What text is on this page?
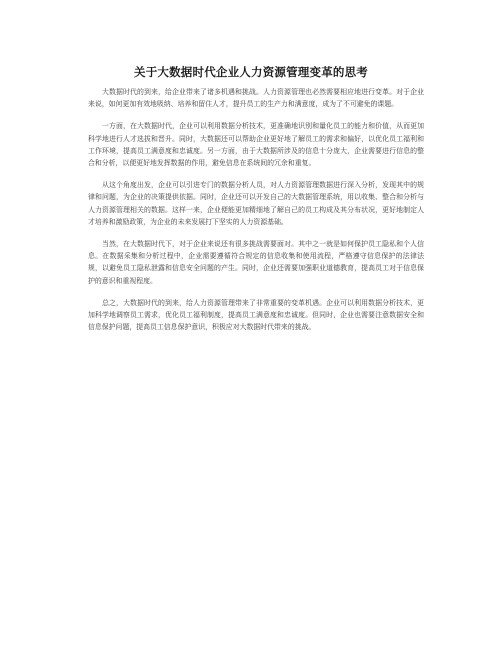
关于大数据时代企业人力资源管理变革的思考

大数据时代的到来，给企业带来了诸多机遇和挑战。人力资源管理也必然需要相应地进行变革。对于企业来说，如何更加有效地吸纳、培养和留住人才，提升员工的生产力和满意度，成为了不可避免的课题。

一方面，在大数据时代，企业可以利用数据分析技术，更准确地识别和量化员工的能力和价值，从而更加科学地进行人才选拔和晋升。同时，大数据还可以帮助企业更好地了解员工的需求和偏好，以优化员工福利和工作环境，提高员工满意度和忠诚度。另一方面，由于大数据所涉及的信息十分庞大，企业需要进行信息的整合和分析，以便更好地发挥数据的作用，避免信息在系统间的冗余和重复。

从这个角度出发，企业可以引进专门的数据分析人员，对人力资源管理数据进行深入分析，发现其中的规律和问题，为企业的决策提供依据。同时，企业还可以开发自己的大数据管理系统，用以收集、整合和分析与人力资源管理相关的数据。这样一来，企业便能更加精细地了解自己的员工构成及其分布状况，更好地制定人才培养和激励政策，为企业的未来发展打下坚实的人力资源基础。

当然，在大数据时代下，对于企业来说还有很多挑战需要面对。其中之一就是如何保护员工隐私和个人信息。在数据采集和分析过程中，企业需要遵循符合规定的信息收集和使用流程，严格遵守信息保护的法律法规，以避免员工隐私泄露和信息安全问题的产生。同时，企业还需要加强职业道德教育，提高员工对于信息保护的意识和重视程度。

总之，大数据时代的到来，给人力资源管理带来了非常重要的变革机遇。企业可以利用数据分析技术，更加科学地调察员工需求，优化员工福利制度，提高员工满意度和忠诚度。但同时，企业也需要注意数据安全和信息保护问题，提高员工信息保护意识，积极应对大数据时代带来的挑战。
